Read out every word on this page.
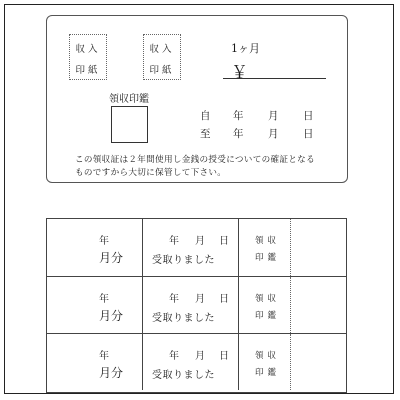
収入
印紙
収入
印紙
1ヶ月
￥
領収印鑑
自 年 月 日
至 年 月 日
この領収証は２年間使用し金銭の授受についての確証となる
ものですから大切に保管して下さい。
年
月分
年 月 日
受取りました
領収
印鑑
年
月分
年 月 日
受取りました
領収
印鑑
年
月分
年 月 日
受取りました
領収
印鑑
